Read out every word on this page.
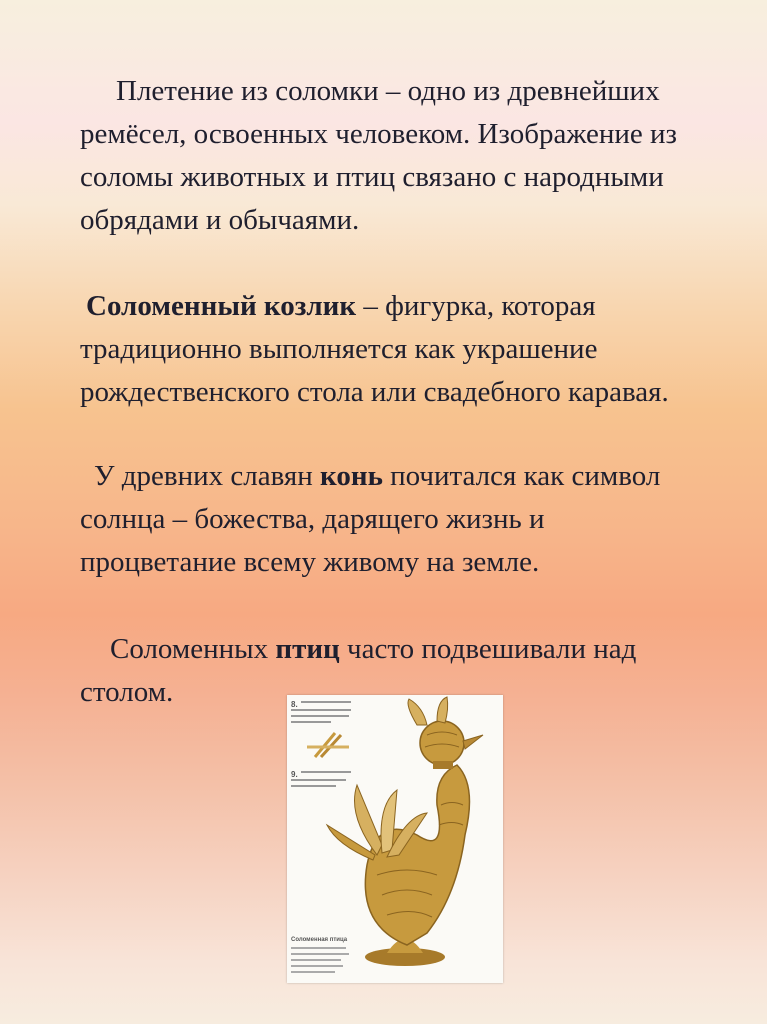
Плетение из соломки – одно из древнейших ремёсел, освоенных человеком. Изображение из соломы животных и птиц связано с народными обрядами и обычаями.

Соломенный козлик – фигурка, которая традиционно выполняется как украшение рождественского стола или свадебного каравая.

У древних славян конь почитался как символ солнца – божества, дарящего жизнь и процветание всему живому на земле.

Соломенных птиц часто подвешивали над столом.	8.
9.
Соломенная птица
